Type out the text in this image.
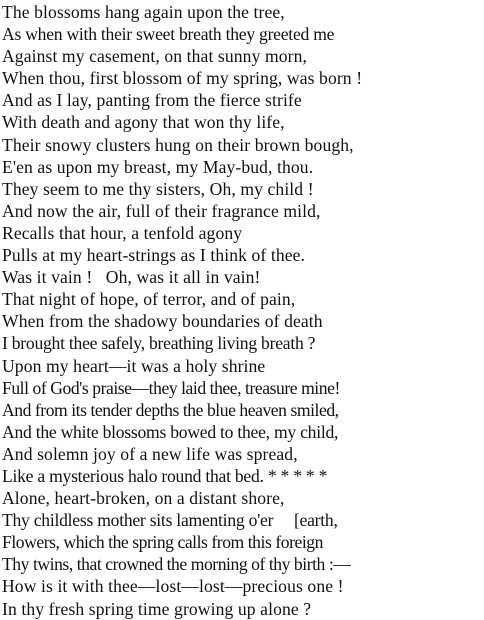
The blossoms hang again upon the tree,
As when with their sweet breath they greeted me
Against my casement, on that sunny morn,
When thou, first blossom of my spring, was born !
And as I lay, panting from the fierce strife
With death and agony that won thy life,
Their snowy clusters hung on their brown bough,
E'en as upon my breast, my May-bud, thou.
They seem to me thy sisters, Oh, my child !
And now the air, full of their fragrance mild,
Recalls that hour, a tenfold agony
Pulls at my heart-strings as I think of thee.
Was it vain !   Oh, was it all in vain!
That night of hope, of terror, and of pain,
When from the shadowy boundaries of death
I brought thee safely, breathing living breath ?
Upon my heart—it was a holy shrine
Full of God's praise—they laid thee, treasure mine!
And from its tender depths the blue heaven smiled,
And the white blossoms bowed to thee, my child,
And solemn joy of a new life was spread,
Like a mysterious halo round that bed. * * * * *
Alone, heart-broken, on a distant shore,
Thy childless mother sits lamenting o'er     [earth,
Flowers, which the spring calls from this foreign
Thy twins, that crowned the morning of thy birth :—
How is it with thee—lost—lost—precious one !
In thy fresh spring time growing up alone ?
